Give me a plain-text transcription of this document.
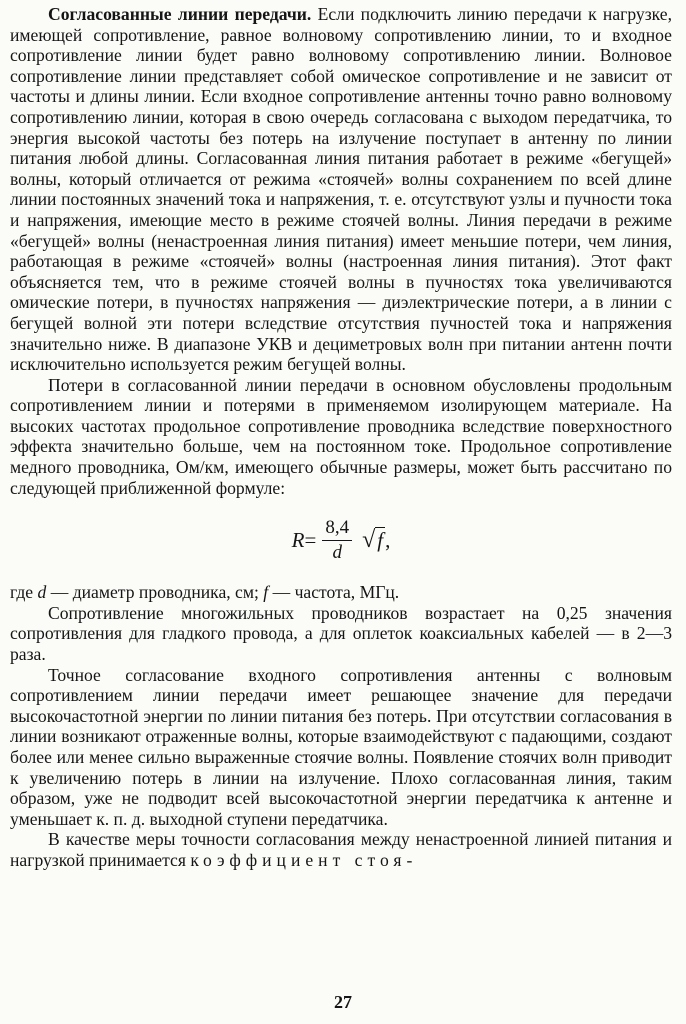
Согласованные линии передачи. Если подключить линию передачи к нагрузке, имеющей сопротивление, равное волновому сопротивлению линии, то и входное сопротивление линии будет равно волновому сопротивлению линии. Волновое сопротивление линии представляет собой омическое сопротивление и не зависит от частоты и длины линии. Если входное сопротивление антенны точно равно волновому сопротивлению линии, которая в свою очередь согласована с выходом передатчика, то энергия высокой частоты без потерь на излучение поступает в антенну по линии питания любой длины. Согласованная линия питания работает в режиме «бегущей» волны, который отличается от режима «стоячей» волны сохранением по всей длине линии постоянных значений тока и напряжения, т. е. отсутствуют узлы и пучности тока и напряжения, имеющие место в режиме стоячей волны. Линия передачи в режиме «бегущей» волны (ненастроенная линия питания) имеет меньшие потери, чем линия, работающая в режиме «стоячей» волны (настроенная линия питания). Этот факт объясняется тем, что в режиме стоячей волны в пучностях тока увеличиваются омические потери, в пучностях напряжения — диэлектрические потери, а в линии с бегущей волной эти потери вследствие отсутствия пучностей тока и напряжения значительно ниже. В диапазоне УКВ и дециметровых волн при питании антенн почти исключительно используется режим бегущей волны.

Потери в согласованной линии передачи в основном обусловлены продольным сопротивлением линии и потерями в применяемом изолирующем материале. На высоких частотах продольное сопротивление проводника вследствие поверхностного эффекта значительно больше, чем на постоянном токе. Продольное сопротивление медного проводника, Ом/км, имеющего обычные размеры, может быть рассчитано по следующей приближенной формуле:

$R = \frac{8,4}{d} √f$ ,

где d — диаметр проводника, см; f — частота, МГц.

Сопротивление многожильных проводников возрастает на 0,25 значения сопротивления для гладкого провода, а для оплеток коаксиальных кабелей — в 2—3 раза.

Точное согласование входного сопротивления антенны с волновым сопротивлением линии передачи имеет решающее значение для передачи высокочастотной энергии по линии питания без потерь. При отсутствии согласования в линии возникают отраженные волны, которые взаимодействуют с падающими, создают более или менее сильно выраженные стоячие волны. Появление стоячих волн приводит к увеличению потерь в линии на излучение. Плохо согласованная линия, таким образом, уже не подводит всей высокочастотной энергии передатчика к антенне и уменьшает к. п. д. выходной ступени передатчика.

В качестве меры точности согласования между ненастроенной линией питания и нагрузкой принимается коэффициент стоя-

27
